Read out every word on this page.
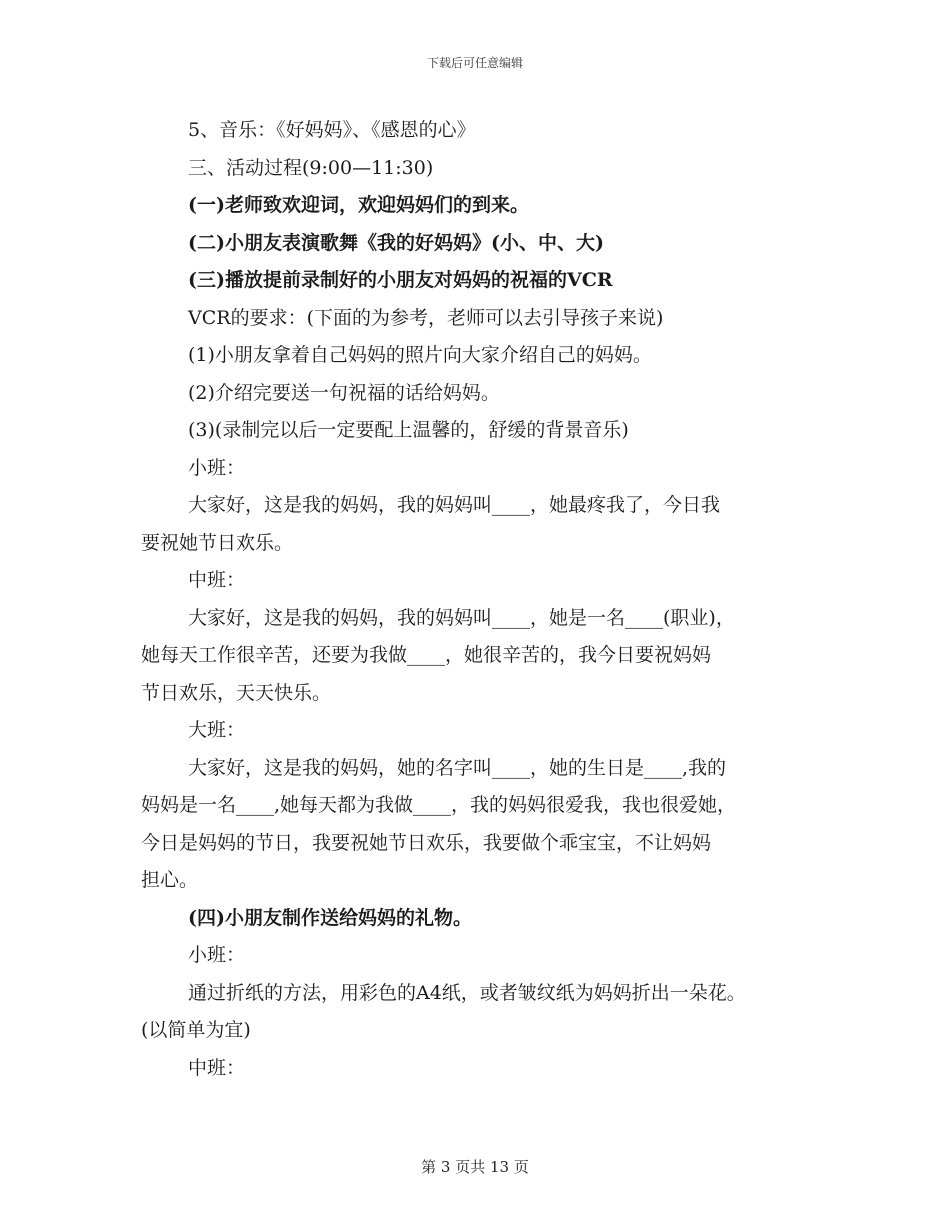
下载后可任意编辑

5、音乐：《好妈妈》、《感恩的心》

三、活动过程(9:00—11:30)

(一)老师致欢迎词，欢迎妈妈们的到来。

(二)小朋友表演歌舞《我的好妈妈》(小、中、大)

(三)播放提前录制好的小朋友对妈妈的祝福的VCR

VCR的要求：(下面的为参考，老师可以去引导孩子来说)

(1)小朋友拿着自己妈妈的照片向大家介绍自己的妈妈。

(2)介绍完要送一句祝福的话给妈妈。

(3)(录制完以后一定要配上温馨的，舒缓的背景音乐)

小班：

大家好，这是我的妈妈，我的妈妈叫____，她最疼我了，今日我

要祝她节日欢乐。

中班：

大家好，这是我的妈妈，我的妈妈叫____，她是一名____(职业)，

她每天工作很辛苦，还要为我做____，她很辛苦的，我今日要祝妈妈

节日欢乐，天天快乐。

大班：

大家好，这是我的妈妈，她的名字叫____，她的生日是____,我的

妈妈是一名____,她每天都为我做____，我的妈妈很爱我，我也很爱她，

今日是妈妈的节日，我要祝她节日欢乐，我要做个乖宝宝，不让妈妈

担心。

(四)小朋友制作送给妈妈的礼物。

小班：

通过折纸的方法，用彩色的A4纸，或者皱纹纸为妈妈折出一朵花。

(以简单为宜)

中班：

第 3 页共 13 页
